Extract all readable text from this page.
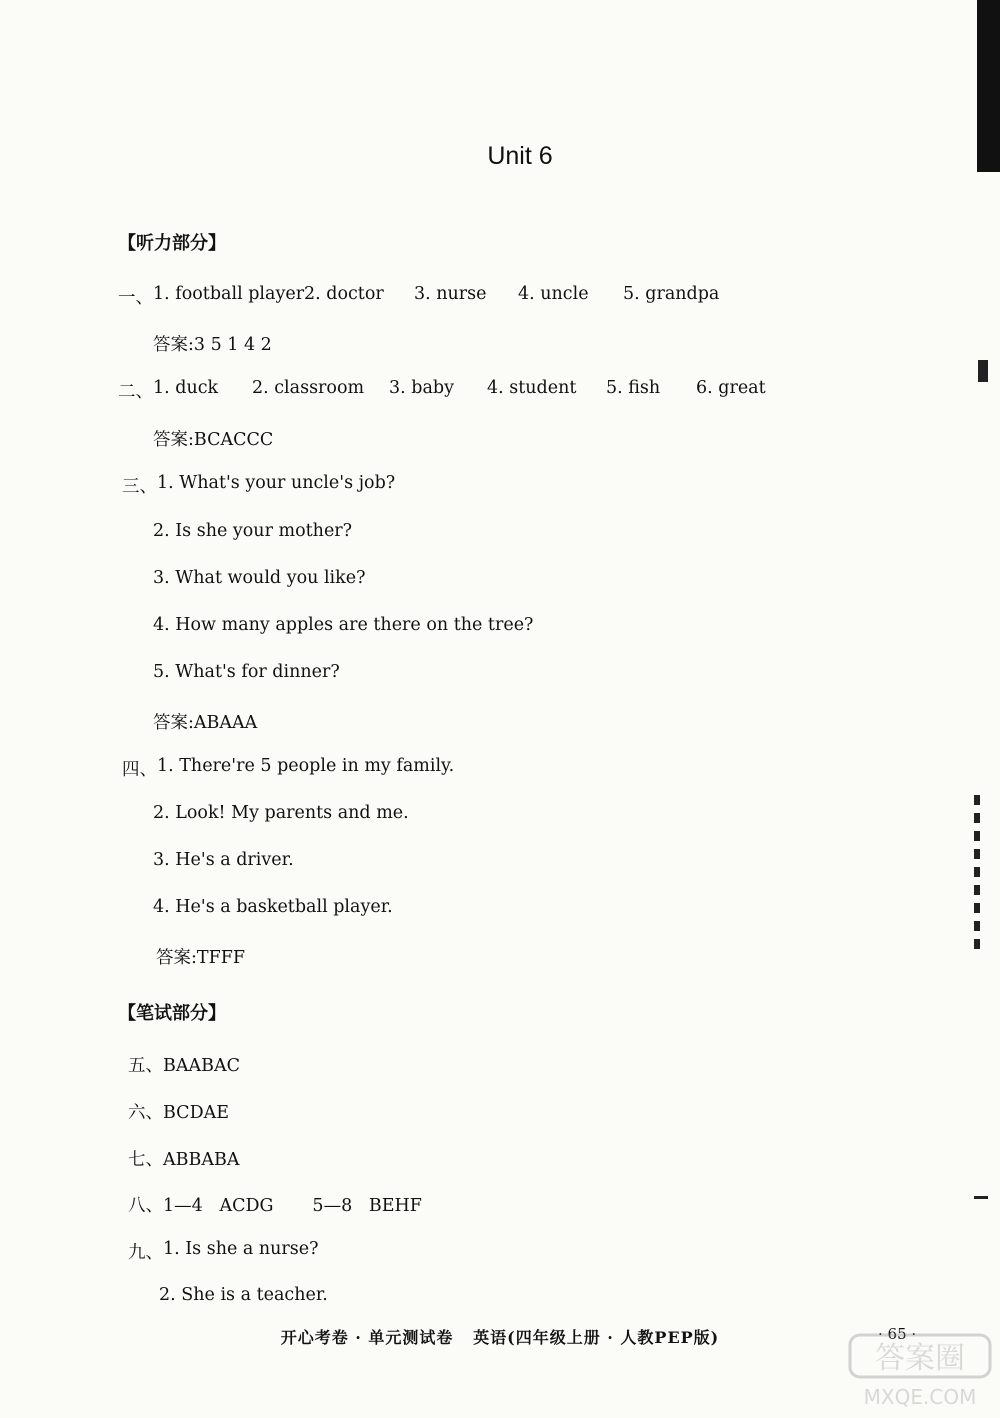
Unit 6
【听力部分】
一、 1. football player 2. doctor	3. nurse	4. uncle	5. grandpa
答案:3 5 1 4 2
二、 1. duck	2. classroom	3. baby	4. student	5. fish	6. great
答案:BCACCC
三、 1. What's your uncle's job?
2. Is she your mother?
3. What would you like?
4. How many apples are there on the tree?
5. What's for dinner?
答案:ABAAA
四、 1. There're 5 people in my family.
2. Look! My parents and me.
3. He's a driver.
4. He's a basketball player.
答案:TFFF
【笔试部分】
五、BAABAC
六、BCDAE
七、ABBABA
八、1—4   ACDG       5—8   BEHF
九、 1. Is she a nurse?
2. She is a teacher.
开心考卷 · 单元测试卷   英语(四年级上册 · 人教PEP版)	· 65 ·
答案圈
MXQE.COM
